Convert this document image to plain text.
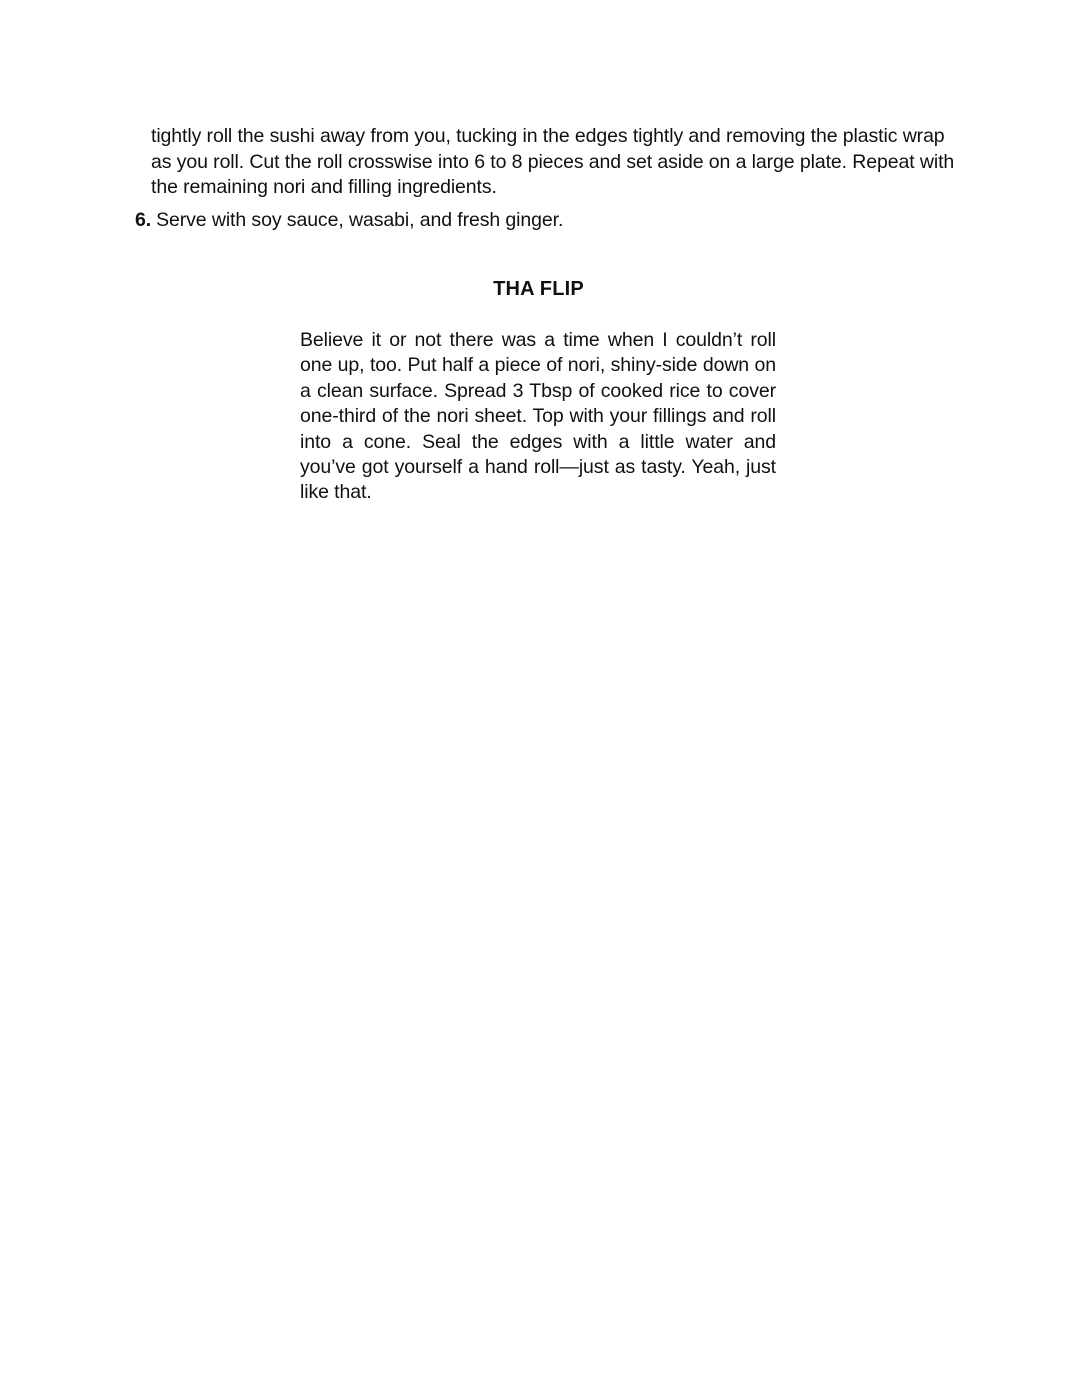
tightly roll the sushi away from you, tucking in the edges tightly and removing the plastic wrap as you roll. Cut the roll crosswise into 6 to 8 pieces and set aside on a large plate. Repeat with the remaining nori and filling ingredients.

6. Serve with soy sauce, wasabi, and fresh ginger.

THA FLIP

Believe it or not there was a time when I couldn’t roll one up, too. Put half a piece of nori, shiny-side down on a clean surface. Spread 3 Tbsp of cooked rice to cover one-third of the nori sheet. Top with your fillings and roll into a cone. Seal the edges with a little water and you’ve got yourself a hand roll—just as tasty. Yeah, just like that.
